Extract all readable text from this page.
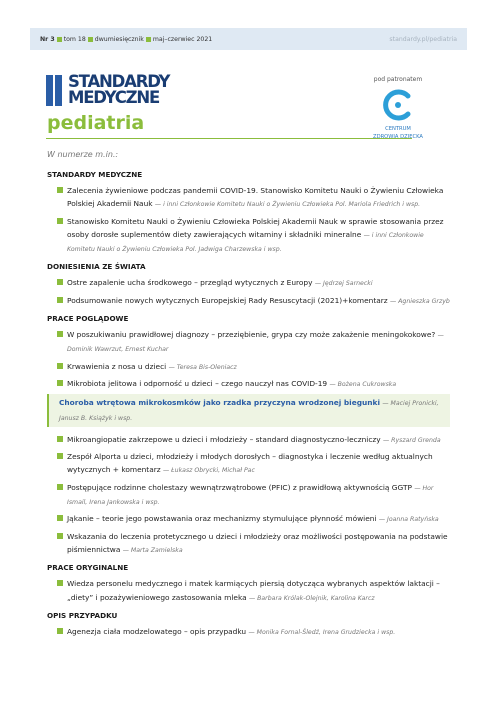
Nr 3 tom 18 dwumiesięcznik maj–czerwiec 2021	standardy.pl/pediatria
STANDARDY
MEDYCZNE
pediatria
pod patronatem
CENTRUM
ZDROWIA DZIECKA
W numerze m.in.:
STANDARDY MEDYCZNE
Zalecenia żywieniowe podczas pandemii COVID-19. Stanowisko Komitetu Nauki o Żywieniu Człowieka Polskiej Akademii Nauk — i inni Członkowie Komitetu Nauki o Żywieniu Człowieka Pol. Mariola Friedrich i wsp.
Stanowisko Komitetu Nauki o Żywieniu Człowieka Polskiej Akademii Nauk w sprawie stosowania przez osoby dorosłe suplementów diety zawierających witaminy i składniki mineralne — i inni Członkowie Komitetu Nauki o Żywieniu Człowieka Pol. Jadwiga Charzewska i wsp.
DONIESIENIA ZE ŚWIATA
Ostre zapalenie ucha środkowego – przegląd wytycznych z Europy — Jędrzej Sarnecki
Podsumowanie nowych wytycznych Europejskiej Rady Resuscytacji (2021)+komentarz — Agnieszka Grzyb
PRACE POGLĄDOWE
W poszukiwaniu prawidłowej diagnozy – przeziębienie, grypa czy może zakażenie meningokokowe? — Dominik Wawrzut, Ernest Kuchar
Krwawienia z nosa u dzieci — Teresa Bis-Oleniacz
Mikrobiota jelitowa i odporność u dzieci – czego nauczył nas COVID-19 — Bożena Cukrowska
Choroba wtrętowa mikrokosmków jako rzadka przyczyna wrodzonej biegunki — Maciej Pronicki, Janusz B. Książyk i wsp.
Mikroangiopatie zakrzepowe u dzieci i młodzieży – standard diagnostyczno-leczniczy — Ryszard Grenda
Zespół Alporta u dzieci, młodzieży i młodych dorosłych – diagnostyka i leczenie według aktualnych wytycznych + komentarz — Łukasz Obrycki, Michał Pac
Postępujące rodzinne cholestazy wewnątrzwątrobowe (PFIC) z prawidłową aktywnością GGTP — Hor Ismail, Irena Jankowska i wsp.
Jąkanie – teorie jego powstawania oraz mechanizmy stymulujące płynność mówieni — Joanna Ratyńska
Wskazania do leczenia protetycznego u dzieci i młodzieży oraz możliwości postępowania na podstawie piśmiennictwa — Marta Zamielska
PRACE ORYGINALNE
Wiedza personelu medycznego i matek karmiących piersią dotycząca wybranych aspektów laktacji – „diety” i pozażywieniowego zastosowania mleka — Barbara Królak-Olejnik, Karolina Karcz
OPIS PRZYPADKU
Agenezja ciała modzelowatego – opis przypadku — Monika Fornal-Śledź, Irena Grudziecka i wsp.
